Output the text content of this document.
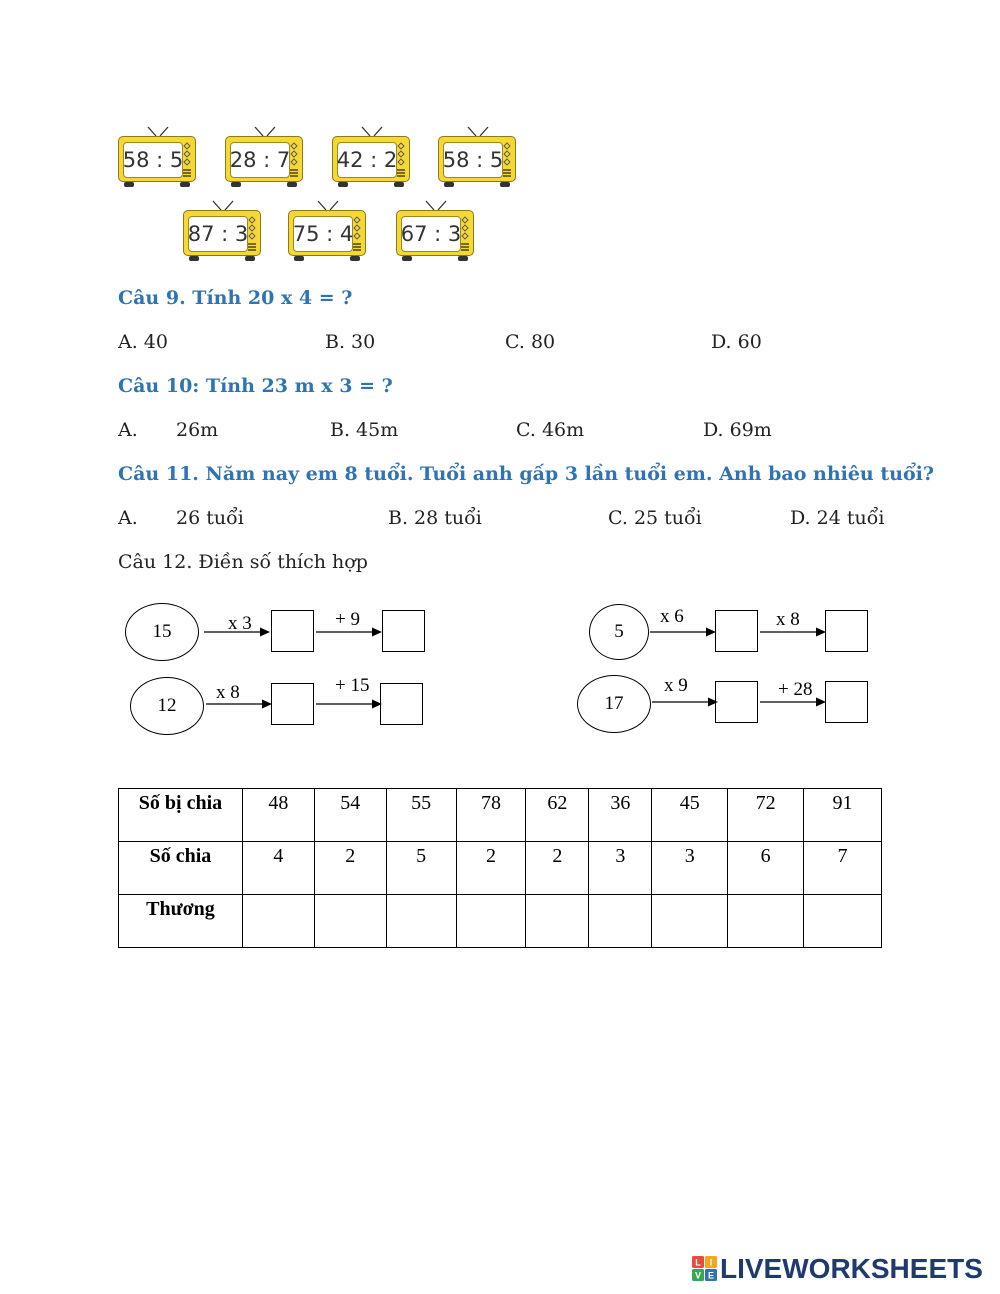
58 : 5 28 : 7 42 : 2 58 : 5
87 : 3 75 : 4 67 : 3
Câu 9. Tính 20 x 4 = ?
A. 40	B. 30	C. 80	D. 60
Câu 10: Tính 23 m x 3 = ?
A. 26m	B. 45m	C. 46m	D. 69m
Câu 11. Năm nay em 8 tuổi. Tuổi anh gấp 3 lần tuổi em. Anh bao nhiêu tuổi?
A. 26 tuổi	B. 28 tuổi	C. 25 tuổi	D. 24 tuổi
Câu 12. Điền số thích hợp
15	x 3	+ 9
12
x 8	+ 15
5
x 6	x 8
17
x 9	+ 28
Số bị chia	48	54	55	78	62	36	45	72	91
Số chia	4	2	5	2	2	3	3	6	7
Thương									
L I
V E LIVEWORKSHEETS
